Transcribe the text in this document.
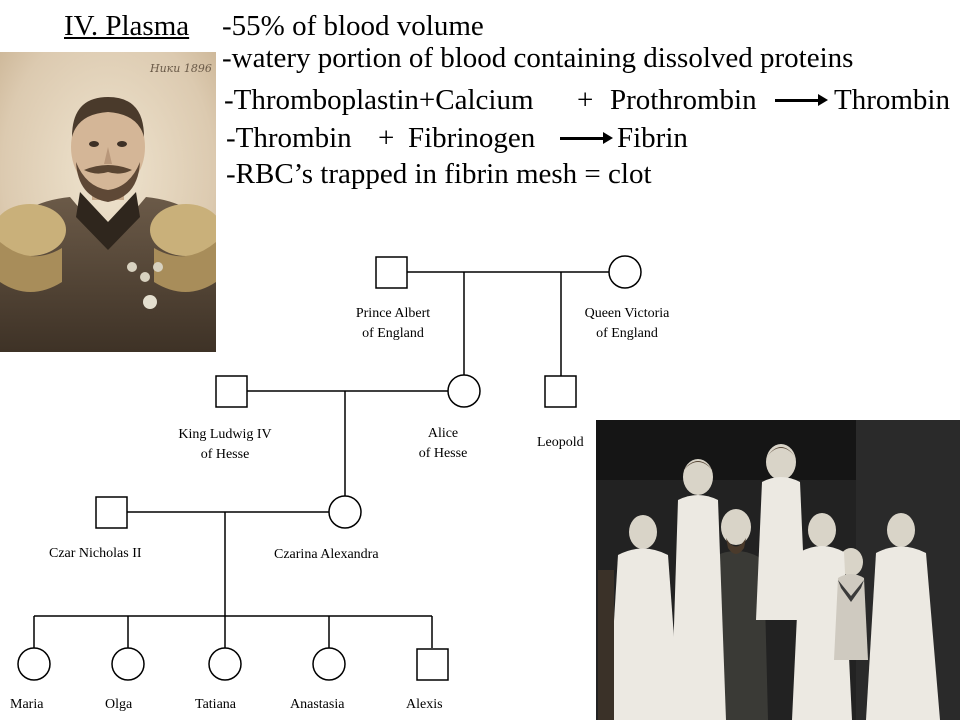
Ники 1896
IV. Plasma -55% of blood volume
-watery portion of blood containing dissolved proteins
-Thromboplastin+Calcium + Prothrombin	Thrombin
-Thrombin + Fibrinogen	Fibrin
-RBC’s trapped in fibrin mesh = clot
Prince Albert
of England
Queen Victoria
of England
King Ludwig IV
of Hesse
Alice
of Hesse
Leopold
Czar Nicholas II	Czarina Alexandra
Maria	Olga	Tatiana	Anastasia	Alexis
